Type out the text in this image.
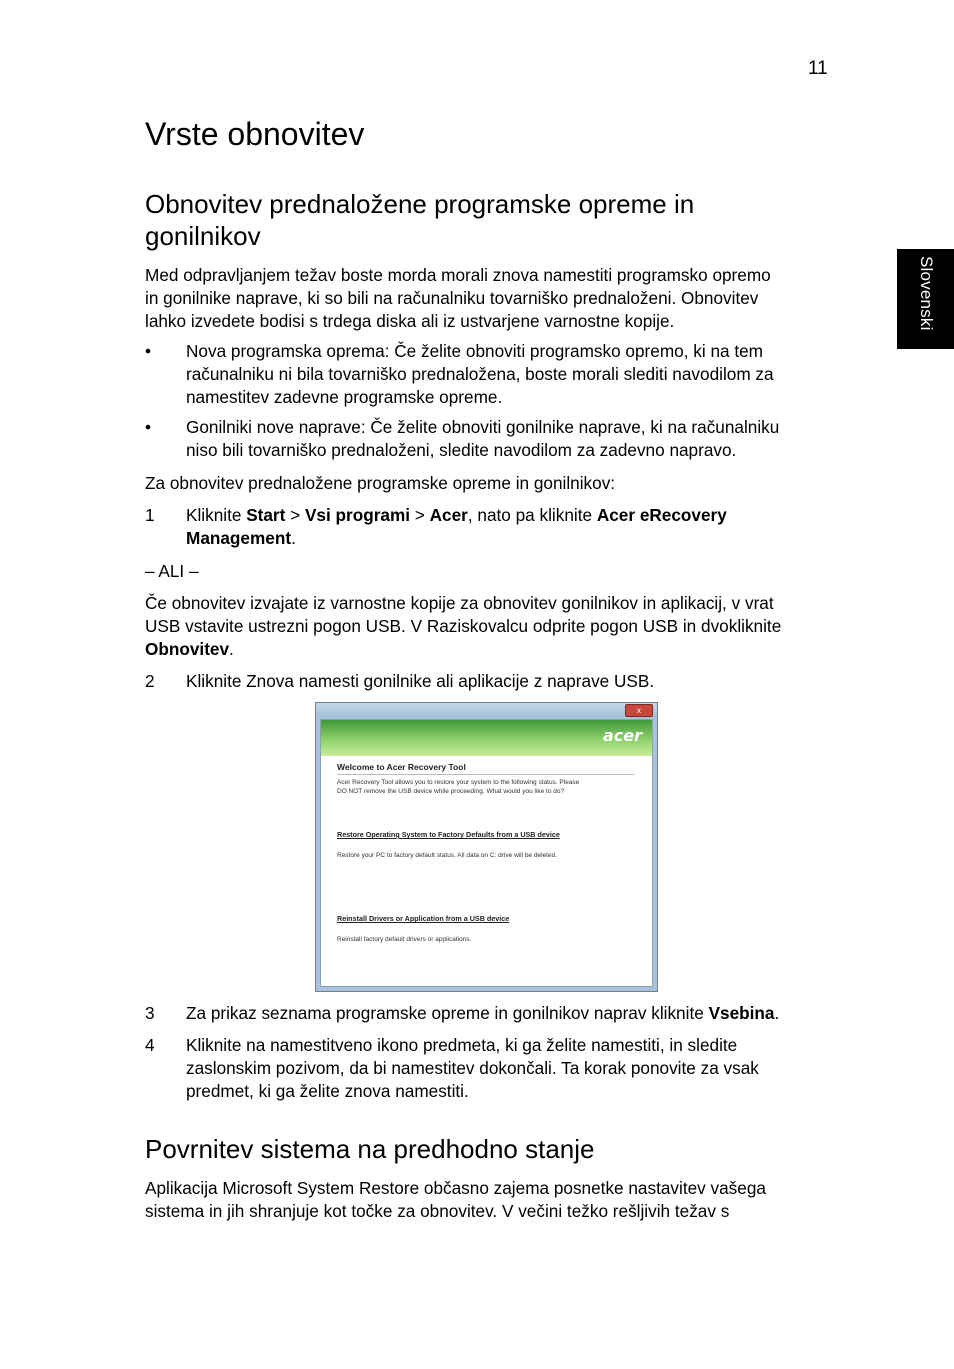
11
Slovenski
Vrste obnovitev
Obnovitev prednaložene programske opreme in
gonilnikov
Med odpravljanjem težav boste morda morali znova namestiti programsko opremo
in gonilnike naprave, ki so bili na računalniku tovarniško prednaloženi. Obnovitev
lahko izvedete bodisi s trdega diska ali iz ustvarjene varnostne kopije.
• Nova programska oprema: Če želite obnoviti programsko opremo, ki na tem
računalniku ni bila tovarniško prednaložena, boste morali slediti navodilom za
namestitev zadevne programske opreme.
• Gonilniki nove naprave: Če želite obnoviti gonilnike naprave, ki na računalniku
niso bili tovarniško prednaloženi, sledite navodilom za zadevno napravo.
Za obnovitev prednaložene programske opreme in gonilnikov:
1 Kliknite Start > Vsi programi > Acer, nato pa kliknite Acer eRecovery
Management.
– ALI –
Če obnovitev izvajate iz varnostne kopije za obnovitev gonilnikov in aplikacij, v vrat
USB vstavite ustrezni pogon USB. V Raziskovalcu odprite pogon USB in dvokliknite
Obnovitev.
2 Kliknite Znova namesti gonilnike ali aplikacije z naprave USB.
x
acer
Welcome to Acer Recovery Tool
Acer Recovery Tool allows you to restore your system to the following status. Please
DO NOT remove the USB device while proceeding. What would you like to do?
Restore Operating System to Factory Defaults from a USB device
Restore your PC to factory default status. All data on C: drive will be deleted.
Reinstall Drivers or Application from a USB device
Reinstall factory default drivers or applications.
3 Za prikaz seznama programske opreme in gonilnikov naprav kliknite Vsebina.
4 Kliknite na namestitveno ikono predmeta, ki ga želite namestiti, in sledite
zaslonskim pozivom, da bi namestitev dokončali. Ta korak ponovite za vsak
predmet, ki ga želite znova namestiti.
Povrnitev sistema na predhodno stanje
Aplikacija Microsoft System Restore občasno zajema posnetke nastavitev vašega
sistema in jih shranjuje kot točke za obnovitev. V večini težko rešljivih težav s
